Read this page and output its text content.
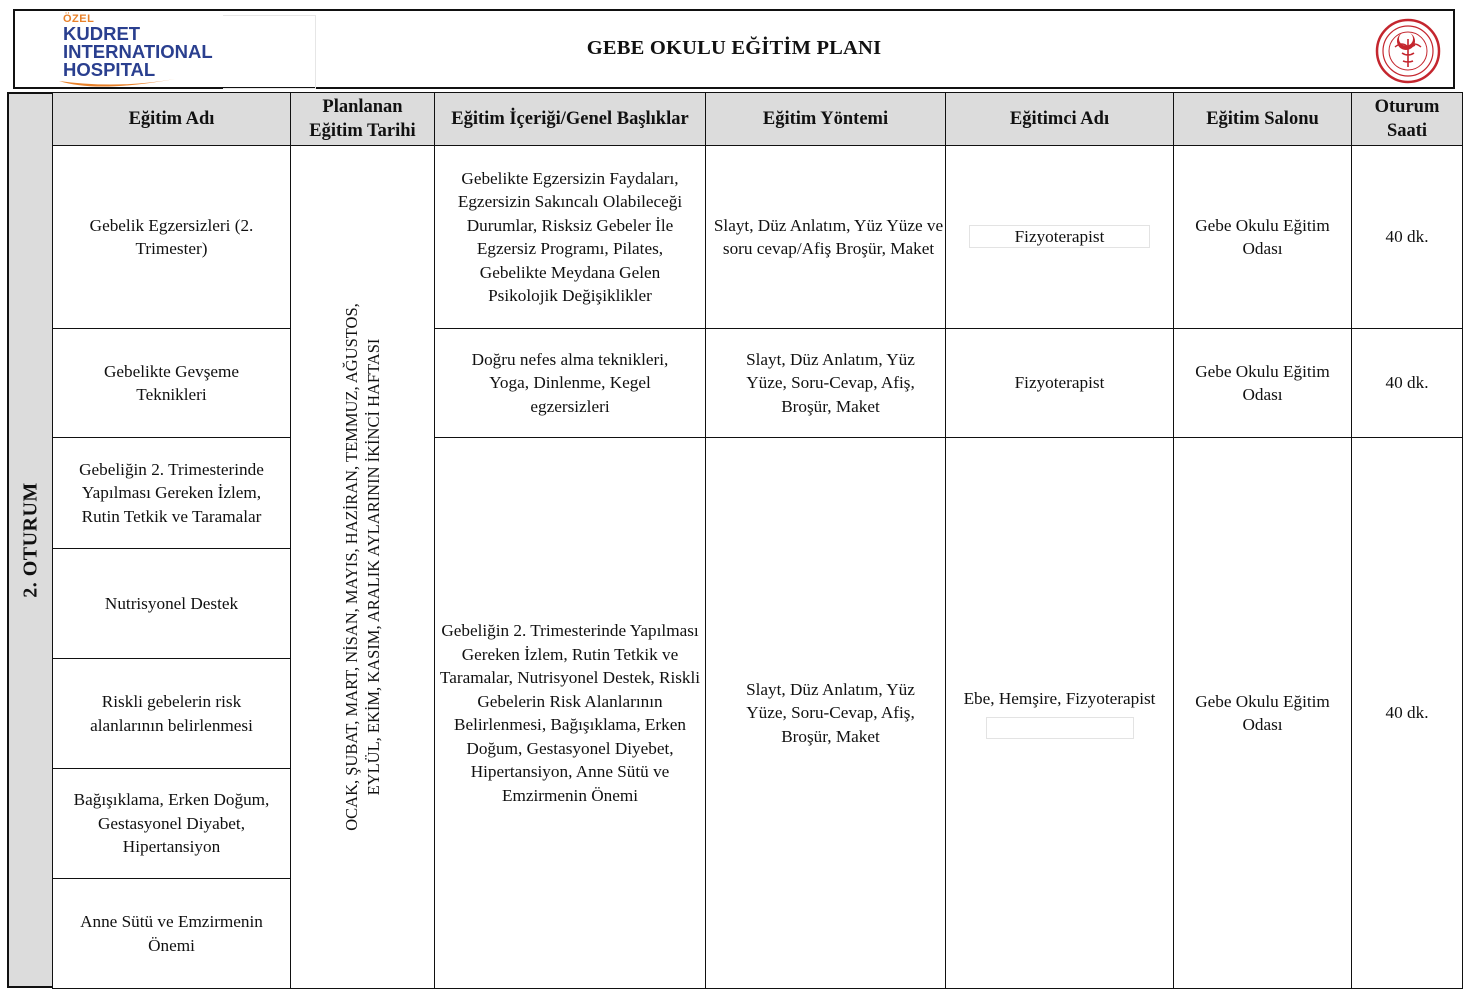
ÖZEL
KUDRET
INTERNATIONAL
HOSPITAL
GEBE OKULU EĞİTİM PLANI
2. OTURUM
Eğitim Adı	Planlanan Eğitim Tarihi	Eğitim İçeriği/Genel Başlıklar	Eğitim Yöntemi	Eğitimci Adı	Eğitim Salonu	Oturum Saati
Gebelik Egzersizleri (2. Trimester)	OCAK, ŞUBAT, MART, NİSAN, MAYIS, HAZİRAN, TEMMUZ, AĞUSTOS, EYLÜL, EKİM, KASIM, ARALIK AYLARININ İKİNCİ HAFTASI	Gebelikte Egzersizin Faydaları, Egzersizin Sakıncalı Olabileceği Durumlar, Risksiz Gebeler İle Egzersiz Programı, Pilates, Gebelikte Meydana Gelen Psikolojik Değişiklikler	Slayt, Düz Anlatım, Yüz Yüze ve soru cevap/Afiş Broşür, Maket	Fizyoterapist	Gebe Okulu Eğitim Odası	40 dk.
Gebelikte Gevşeme Teknikleri		Doğru nefes alma teknikleri, Yoga, Dinlenme, Kegel egzersizleri	Slayt, Düz Anlatım, Yüz Yüze, Soru-Cevap, Afiş, Broşür, Maket	Fizyoterapist	Gebe Okulu Eğitim Odası	40 dk.
Gebeliğin 2. Trimesterinde Yapılması Gereken İzlem, Rutin Tetkik ve Taramalar		Gebeliğin 2. Trimesterinde Yapılması Gereken İzlem, Rutin Tetkik ve Taramalar, Nutrisyonel Destek, Riskli Gebelerin Risk Alanlarının Belirlenmesi, Bağışıklama, Erken Doğum, Gestasyonel Diyebet, Hipertansiyon, Anne Sütü ve Emzirmenin Önemi	Slayt, Düz Anlatım, Yüz Yüze, Soru-Cevap, Afiş, Broşür, Maket	Ebe, Hemşire, Fizyoterapist	Gebe Okulu Eğitim Odası	40 dk.
Nutrisyonel Destek						
Riskli gebelerin risk alanlarının belirlenmesi						
Bağışıklama, Erken Doğum, Gestasyonel Diyabet, Hipertansiyon						
Anne Sütü ve Emzirmenin Önemi						
